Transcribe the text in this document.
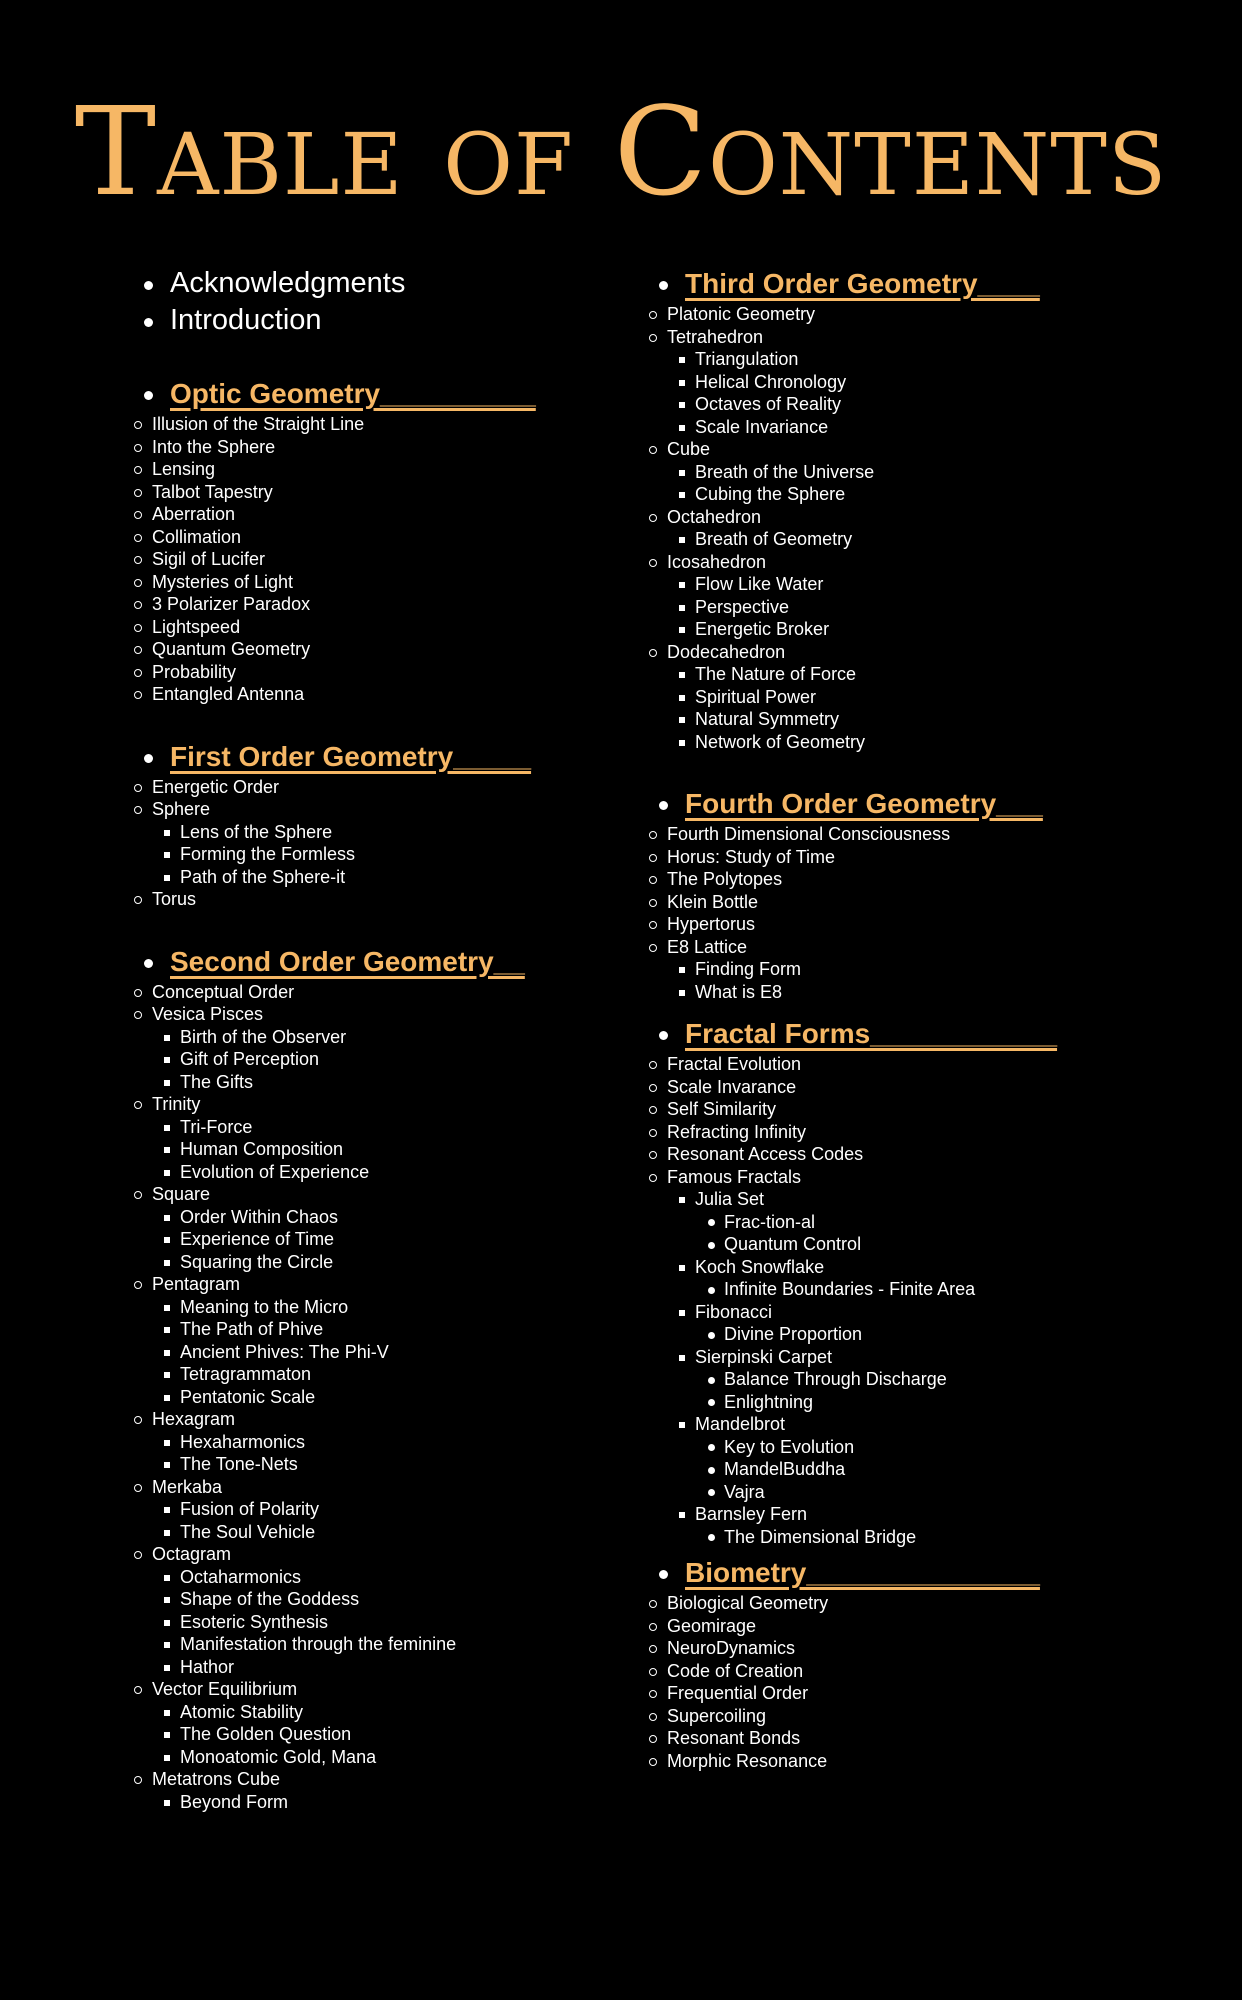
Table of Contents
Acknowledgments
Introduction
Optic Geometry__________
Illusion of the Straight Line
Into the Sphere
Lensing
Talbot Tapestry
Aberration
Collimation
Sigil of Lucifer
Mysteries of Light
3 Polarizer Paradox
Lightspeed
Quantum Geometry
Probability
Entangled Antenna
First Order Geometry_____
Energetic Order
Sphere
Lens of the Sphere
Forming the Formless
Path of the Sphere-it
Torus
Second Order Geometry__
Conceptual Order
Vesica Pisces
Birth of the Observer
Gift of Perception
The Gifts
Trinity
Tri-Force
Human Composition
Evolution of Experience
Square
Order Within Chaos
Experience of Time
Squaring the Circle
Pentagram
Meaning to the Micro
The Path of Phive
Ancient Phives: The Phi-V
Tetragrammaton
Pentatonic Scale
Hexagram
Hexaharmonics
The Tone-Nets
Merkaba
Fusion of Polarity
The Soul Vehicle
Octagram
Octaharmonics
Shape of the Goddess
Esoteric Synthesis
Manifestation through the feminine
Hathor
Vector Equilibrium
Atomic Stability
The Golden Question
Monoatomic Gold, Mana
Metatrons Cube
Beyond Form
Third Order Geometry____
Platonic Geometry
Tetrahedron
Triangulation
Helical Chronology
Octaves of Reality
Scale Invariance
Cube
Breath of the Universe
Cubing the Sphere
Octahedron
Breath of Geometry
Icosahedron
Flow Like Water
Perspective
Energetic Broker
Dodecahedron
The Nature of Force
Spiritual Power
Natural Symmetry
Network of Geometry
Fourth Order Geometry___
Fourth Dimensional Consciousness
Horus: Study of Time
The Polytopes
Klein Bottle
Hypertorus
E8 Lattice
Finding Form
What is E8
Fractal Forms____________
Fractal Evolution
Scale Invarance
Self Similarity
Refracting Infinity
Resonant Access Codes
Famous Fractals
Julia Set
Frac-tion-al
Quantum Control
Koch Snowflake
Infinite Boundaries - Finite Area
Fibonacci
Divine Proportion
Sierpinski Carpet
Balance Through Discharge
Enlightning
Mandelbrot
Key to Evolution
MandelBuddha
Vajra
Barnsley Fern
The Dimensional Bridge
Biometry_______________
Biological Geometry
Geomirage
NeuroDynamics
Code of Creation
Frequential Order
Supercoiling
Resonant Bonds
Morphic Resonance
